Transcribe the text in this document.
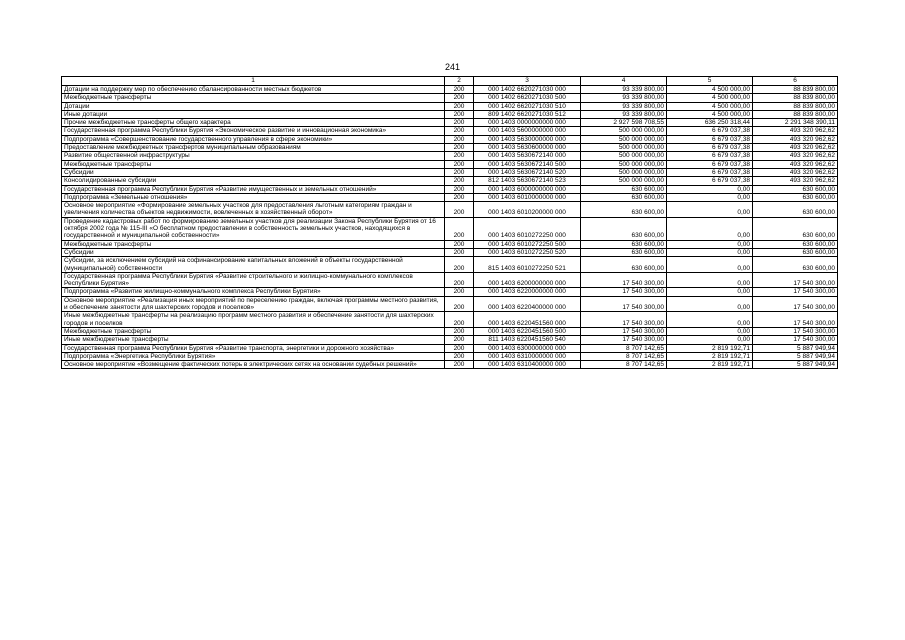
241
1	2	3	4	5	6
Дотации на поддержку мер по обеспечению сбалансированности местных бюджетов	200	000 1402 6620271030 000	93 339 800,00	4 500 000,00	88 839 800,00
Межбюджетные трансферты	200	000 1402 6620271030 500	93 339 800,00	4 500 000,00	88 839 800,00
Дотации	200	000 1402 6620271030 510	93 339 800,00	4 500 000,00	88 839 800,00
Иные дотации	200	809 1402 6620271030 512	93 339 800,00	4 500 000,00	88 839 800,00
Прочие межбюджетные трансферты общего характера	200	000 1403 0000000000 000	2 927 598 708,55	636 250 318,44	2 291 348 390,11
Государственная программа Республики Бурятия «Экономическое развитие и инновационная экономика»	200	000 1403 5600000000 000	500 000 000,00	6 679 037,38	493 320 962,62
Подпрограмма «Совершенствование государственного управления в сфере экономики»	200	000 1403 5630000000 000	500 000 000,00	6 679 037,38	493 320 962,62
Предоставление межбюджетных трансфертов муниципальным образованиям	200	000 1403 5630600000 000	500 000 000,00	6 679 037,38	493 320 962,62
Развитие общественной инфраструктуры	200	000 1403 5630672140 000	500 000 000,00	6 679 037,38	493 320 962,62
Межбюджетные трансферты	200	000 1403 5630672140 500	500 000 000,00	6 679 037,38	493 320 962,62
Субсидии	200	000 1403 5630672140 520	500 000 000,00	6 679 037,38	493 320 962,62
Консолидированные субсидии	200	812 1403 5630672140 523	500 000 000,00	6 679 037,38	493 320 962,62
Государственная программа Республики Бурятия «Развитие имущественных и земельных отношений»	200	000 1403 6000000000 000	630 600,00	0,00	630 600,00
Подпрограмма «Земельные отношения»	200	000 1403 6010000000 000	630 600,00	0,00	630 600,00
Основное мероприятие «Формирование земельных участков для предоставления льготным категориям граждан и увеличения количества объектов недвижимости, вовлеченных в хозяйственный оборот»	200	000 1403 6010200000 000	630 600,00	0,00	630 600,00
Проведение кадастровых работ по формированию земельных участков для реализации Закона Республики Бурятия от 16 октября 2002 года № 115-III «О бесплатном предоставлении в собственность земельных участков, находящихся в государственной и муниципальной собственности»	200	000 1403 6010272250 000	630 600,00	0,00	630 600,00
Межбюджетные трансферты	200	000 1403 6010272250 500	630 600,00	0,00	630 600,00
Субсидии	200	000 1403 6010272250 520	630 600,00	0,00	630 600,00
Субсидии, за исключением субсидий на софинансирование капитальных вложений в объекты государственной (муниципальной) собственности	200	815 1403 6010272250 521	630 600,00	0,00	630 600,00
Государственная программа Республики Бурятия «Развитие строительного и жилищно-коммунального комплексов Республики Бурятия»	200	000 1403 6200000000 000	17 540 300,00	0,00	17 540 300,00
Подпрограмма «Развитие жилищно-коммунального комплекса Республики Бурятия»	200	000 1403 6220000000 000	17 540 300,00	0,00	17 540 300,00
Основное мероприятие «Реализация иных мероприятий по переселению граждан, включая программы местного развития, и обеспечение занятости для шахтерских городов и поселков»	200	000 1403 6220400000 000	17 540 300,00	0,00	17 540 300,00
Иные межбюджетные трансферты на реализацию программ местного развития и обеспечение занятости для шахтерских городов и поселков	200	000 1403 6220451560 000	17 540 300,00	0,00	17 540 300,00
Межбюджетные трансферты	200	000 1403 6220451560 500	17 540 300,00	0,00	17 540 300,00
Иные межбюджетные трансферты	200	811 1403 6220451560 540	17 540 300,00	0,00	17 540 300,00
Государственная программа Республики Бурятия «Развитие транспорта, энергетики и дорожного хозяйства»	200	000 1403 6300000000 000	8 707 142,65	2 819 192,71	5 887 949,94
Подпрограмма «Энергетика Республики Бурятия»	200	000 1403 6310000000 000	8 707 142,65	2 819 192,71	5 887 949,94
Основное мероприятие «Возмещение фактических потерь в электрических сетях на основании судебных решений»	200	000 1403 6310400000 000	8 707 142,65	2 819 192,71	5 887 949,94
